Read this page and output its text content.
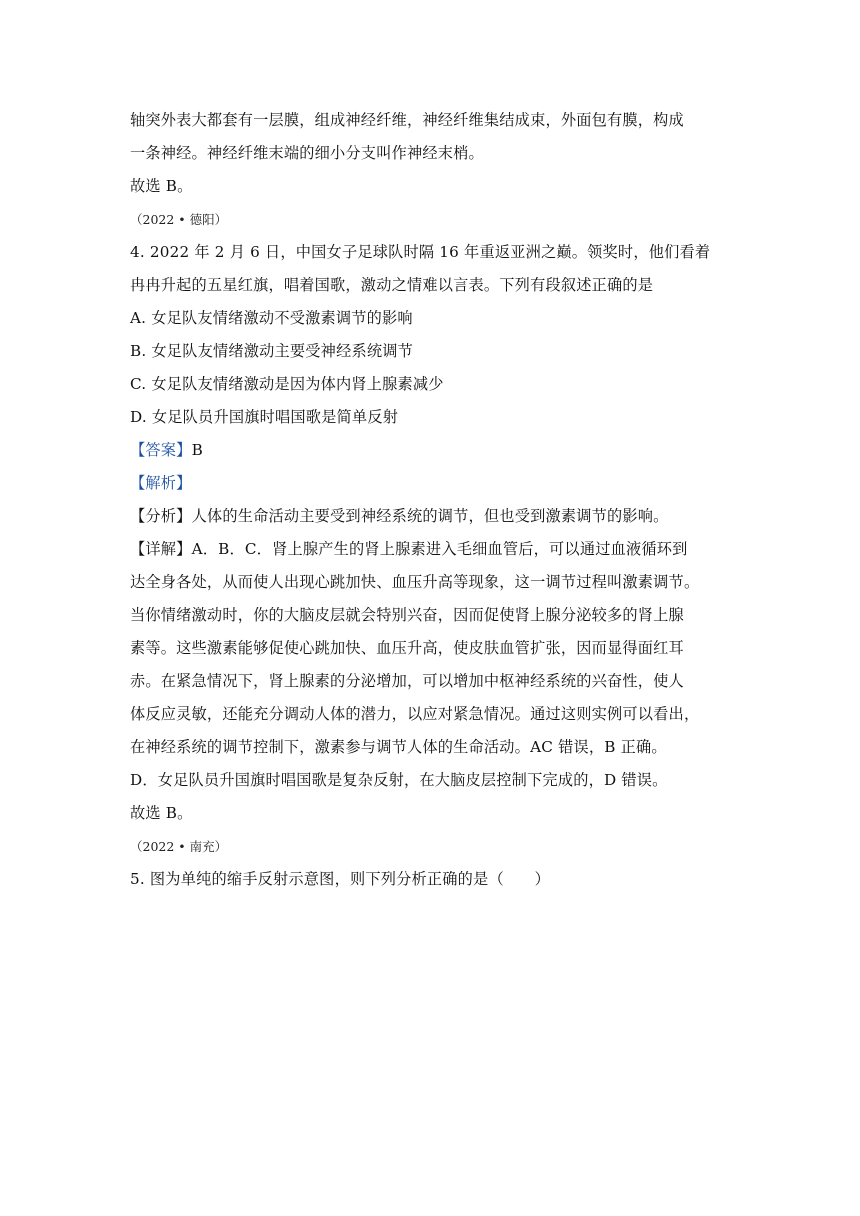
轴突外表大都套有一层膜，组成神经纤维，神经纤维集结成束，外面包有膜，构成
一条神经。神经纤维末端的细小分支叫作神经末梢。
故选 B。
（2022 • 德阳）
4. 2022 年 2 月 6 日，中国女子足球队时隔 16 年重返亚洲之巅。领奖时，他们看着
冉冉升起的五星红旗，唱着国歌，激动之情难以言表。下列有段叙述正确的是
A. 女足队友情绪激动不受激素调节的影响
B. 女足队友情绪激动主要受神经系统调节
C. 女足队友情绪激动是因为体内肾上腺素减少
D. 女足队员升国旗时唱国歌是简单反射
【答案】B
【解析】
【分析】人体的生命活动主要受到神经系统的调节，但也受到激素调节的影响。
【详解】A．B．C．肾上腺产生的肾上腺素进入毛细血管后，可以通过血液循环到
达全身各处，从而使人出现心跳加快、血压升高等现象，这一调节过程叫激素调节。
当你情绪激动时，你的大脑皮层就会特别兴奋，因而促使肾上腺分泌较多的肾上腺
素等。这些激素能够促使心跳加快、血压升高，使皮肤血管扩张，因而显得面红耳
赤。在紧急情况下，肾上腺素的分泌增加，可以增加中枢神经系统的兴奋性，使人
体反应灵敏，还能充分调动人体的潜力，以应对紧急情况。通过这则实例可以看出，
在神经系统的调节控制下，激素参与调节人体的生命活动。AC 错误，B 正确。
D．女足队员升国旗时唱国歌是复杂反射，在大脑皮层控制下完成的，D 错误。
故选 B。
（2022 • 南充）
5. 图为单纯的缩手反射示意图，则下列分析正确的是（　　）
